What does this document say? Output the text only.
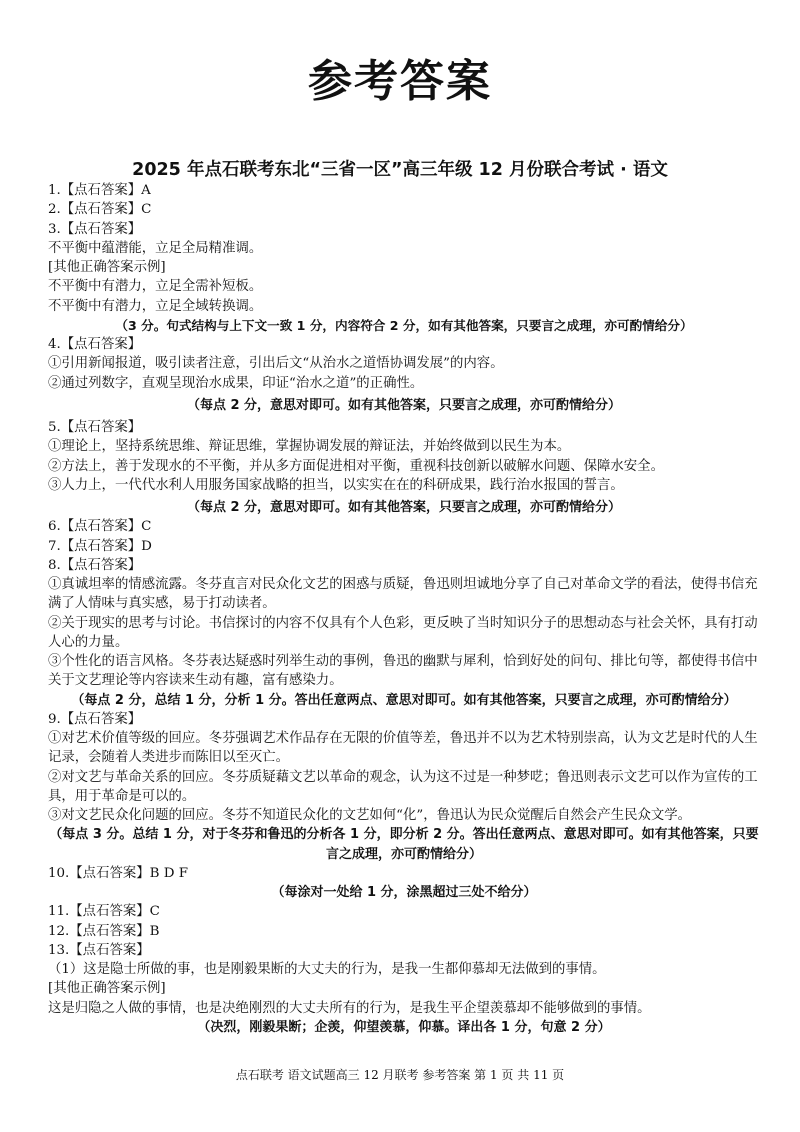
参考答案
2025 年点石联考东北“三省一区”高三年级 12 月份联合考试 · 语文
1.【点石答案】A
2.【点石答案】C
3.【点石答案】
不平衡中蕴潜能，立足全局精准调。
[其他正确答案示例]
不平衡中有潜力，立足全需补短板。
不平衡中有潜力，立足全域转换调。
（3 分。句式结构与上下文一致 1 分，内容符合 2 分，如有其他答案，只要言之成理，亦可酌情给分）
4.【点石答案】
①引用新闻报道，吸引读者注意，引出后文“从治水之道悟协调发展”的内容。
②通过列数字，直观呈现治水成果，印证“治水之道”的正确性。
（每点 2 分，意思对即可。如有其他答案，只要言之成理，亦可酌情给分）
5.【点石答案】
①理论上，坚持系统思维、辩证思维，掌握协调发展的辩证法，并始终做到以民生为本。
②方法上，善于发现水的不平衡，并从多方面促进相对平衡，重视科技创新以破解水问题、保障水安全。
③人力上，一代代水利人用服务国家战略的担当，以实实在在的科研成果，践行治水报国的誓言。
（每点 2 分，意思对即可。如有其他答案，只要言之成理，亦可酌情给分）
6.【点石答案】C
7.【点石答案】D
8.【点石答案】
①真诚坦率的情感流露。冬芬直言对民众化文艺的困惑与质疑，鲁迅则坦诚地分享了自己对革命文学的看法，使得书信充满了人情味与真实感，易于打动读者。
②关于现实的思考与讨论。书信探讨的内容不仅具有个人色彩，更反映了当时知识分子的思想动态与社会关怀，具有打动人心的力量。
③个性化的语言风格。冬芬表达疑惑时列举生动的事例，鲁迅的幽默与犀利，恰到好处的问句、排比句等，都使得书信中关于文艺理论等内容读来生动有趣，富有感染力。
（每点 2 分，总结 1 分，分析 1 分。答出任意两点、意思对即可。如有其他答案，只要言之成理，亦可酌情给分）
9.【点石答案】
①对艺术价值等级的回应。冬芬强调艺术作品存在无限的价值等差，鲁迅并不以为艺术特别崇高，认为文艺是时代的人生记录，会随着人类进步而陈旧以至灭亡。
②对文艺与革命关系的回应。冬芬质疑藉文艺以革命的观念，认为这不过是一种梦呓；鲁迅则表示文艺可以作为宣传的工具，用于革命是可以的。
③对文艺民众化问题的回应。冬芬不知道民众化的文艺如何“化”，鲁迅认为民众觉醒后自然会产生民众文学。
（每点 3 分。总结 1 分，对于冬芬和鲁迅的分析各 1 分，即分析 2 分。答出任意两点、意思对即可。如有其他答案，只要言之成理，亦可酌情给分）
10.【点石答案】B D F
（每涂对一处给 1 分，涂黑超过三处不给分）
11.【点石答案】C
12.【点石答案】B
13.【点石答案】
（1）这是隐士所做的事，也是刚毅果断的大丈夫的行为，是我一生都仰慕却无法做到的事情。
[其他正确答案示例]
这是归隐之人做的事情，也是决绝刚烈的大丈夫所有的行为，是我生平企望羡慕却不能够做到的事情。
（决烈，刚毅果断；企羡，仰望羡慕，仰慕。译出各 1 分，句意 2 分）
点石联考 语文试题高三 12 月联考 参考答案 第 1 页 共 11 页
